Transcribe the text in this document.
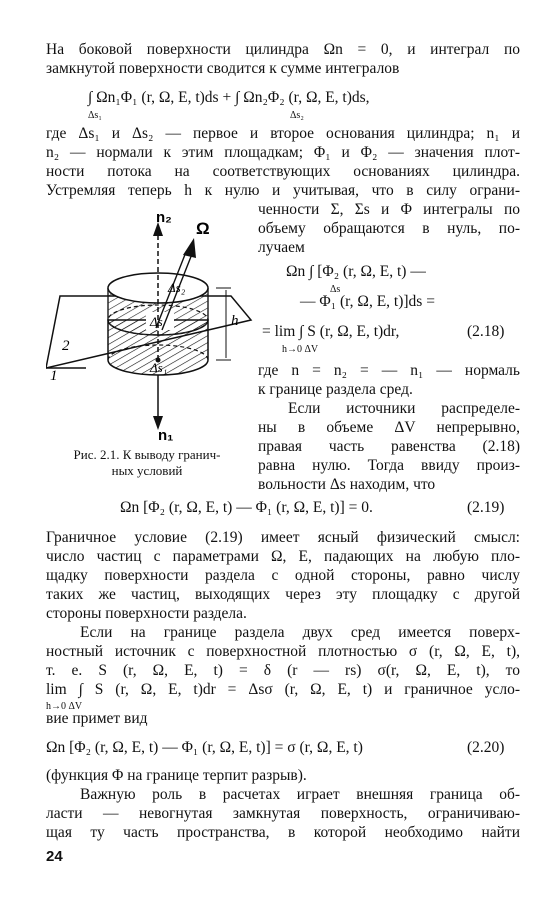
На боковой поверхности цилиндра Ωn = 0, и интеграл по
замкнутой поверхности сводится к сумме интегралов
∫ Ωn₁Φ₁ (r, Ω, E, t)ds + ∫ Ωn₂Φ₂ (r, Ω, E, t)ds,
Δs₁	Δs₂
где Δs₁ и Δs₂ — первое и второе основания цилиндра; n₁ и
n₂ — нормали к этим площадкам; Φ₁ и Φ₂ — значения плот-
ности потока на соответствующих основаниях цилиндра.
Устремляя теперь h к нулю и учитывая, что в силу ограни-
ченности Σ, Σs и Φ интегралы по
объему обращаются в нуль, по-
лучаем
Ωn ∫ [Φ₂ (r, Ω, E, t) —
Δs
— Φ₁ (r, Ω, E, t)]ds =
= lim ∫ S (r, Ω, E, t)dr,
h→0 ΔV
(2.18)
где n = n₂ = — n₁ — нормаль
к границе раздела сред.
Если источники распределе-
ны в объеме ΔV непрерывно,
правая часть равенства (2.18)
равна нулю. Тогда ввиду произ-
вольности Δs находим, что
n₂
Ω
Δs₂
Δs	h
Δs₁
n₁
1
2
Рис. 2.1. К выводу гранич-
ных условий
Ωn [Φ₂ (r, Ω, E, t) — Φ₁ (r, Ω, E, t)] = 0.	(2.19)
Граничное условие (2.19) имеет ясный физический смысл:
число частиц с параметрами Ω, E, падающих на любую пло-
щадку поверхности раздела с одной стороны, равно числу
таких же частиц, выходящих через эту площадку с другой
стороны поверхности раздела.
Если на границе раздела двух сред имеется поверх-
ностный источник с поверхностной плотностью σ (r, Ω, E, t),
т. е. S (r, Ω, E, t) = δ (r — rs) σ(r, Ω, E, t), то
lim ∫ S (r, Ω, E, t)dr = Δsσ (r, Ω, E, t) и граничное усло-
h→0 ΔV
вие примет вид
Ωn [Φ₂ (r, Ω, E, t) — Φ₁ (r, Ω, E, t)] = σ (r, Ω, E, t)	(2.20)
(функция Φ на границе терпит разрыв).
Важную роль в расчетах играет внешняя граница об-
ласти — невогнутая замкнутая поверхность, ограничиваю-
щая ту часть пространства, в которой необходимо найти
24
